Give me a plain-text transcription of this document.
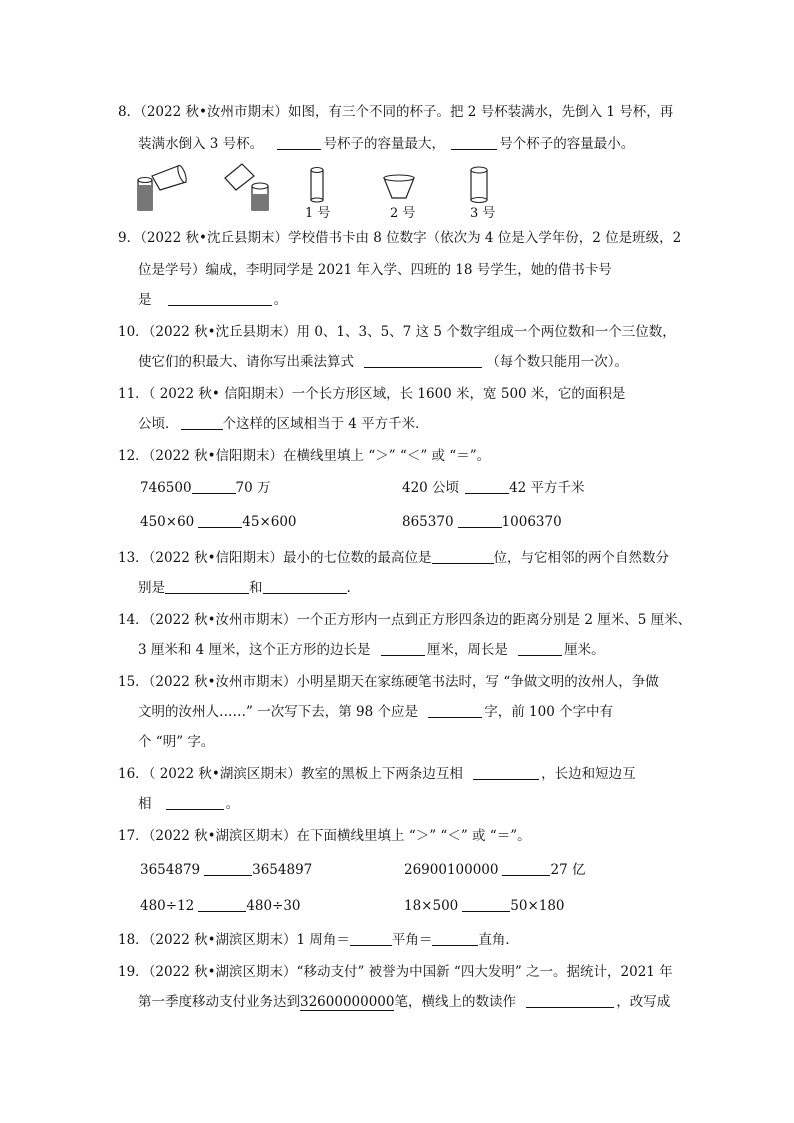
8．（2022 秋•汝州市期末）如图，有三个不同的杯子。把 2 号杯装满水，先倒入 1 号杯，再
装满水倒入 3 号杯。	号杯子的容量最大，	号个杯子的容量最小。
1 号	2 号	3 号
9．（2022 秋•沈丘县期末）学校借书卡由 8 位数字（依次为 4 位是入学年份，2 位是班级，2
位是学号）编成，李明同学是 2021 年入学、四班的 18 号学生，她的借书卡号
是	。
10．（2022 秋•沈丘县期末）用 0、1、3、5、7 这 5 个数字组成一个两位数和一个三位数，
使它们的积最大、请你写出乘法算式	（每个数只能用一次）。
11．（ 2022 秋• 信阳期末）一个长方形区域，长 1600 米，宽 500 米，它的面积是
公顷．	个这样的区域相当于 4 平方千米．
12．（2022 秋•信阳期末）在横线里填上 “＞” “＜” 或 “＝”。
746500	70 万	420 公顷	42 平方千米
450×60	45×600	865370	1006370
13．（2022 秋•信阳期末）最小的七位数的最高位是	位，与它相邻的两个自然数分
别是	和	.
14．（2022 秋•汝州市期末）一个正方形内一点到正方形四条边的距离分别是 2 厘米、5 厘米、
3 厘米和 4 厘米，这个正方形的边长是	厘米，周长是	厘米。
15．（2022 秋•汝州市期末）小明星期天在家练硬笔书法时，写 “争做文明的汝州人，争做
文明的汝州人……” 一次写下去，第 98 个应是	字，前 100 个字中有
个 “明” 字。
16．（ 2022 秋•湖滨区期末）教室的黑板上下两条边互相	，长边和短边互
相	。
17．（2022 秋•湖滨区期末）在下面横线里填上 “＞” “＜” 或 “＝”。
3654879	3654897	26900100000	27 亿
480÷12	480÷30	18×500	50×180
18．（2022 秋•湖滨区期末）1 周角＝	平角＝	直角．
19．（2022 秋•湖滨区期末）“移动支付” 被誉为中国新 “四大发明” 之一。据统计，2021 年
第一季度移动支付业务达到32600000000笔，横线上的数读作	，改写成
